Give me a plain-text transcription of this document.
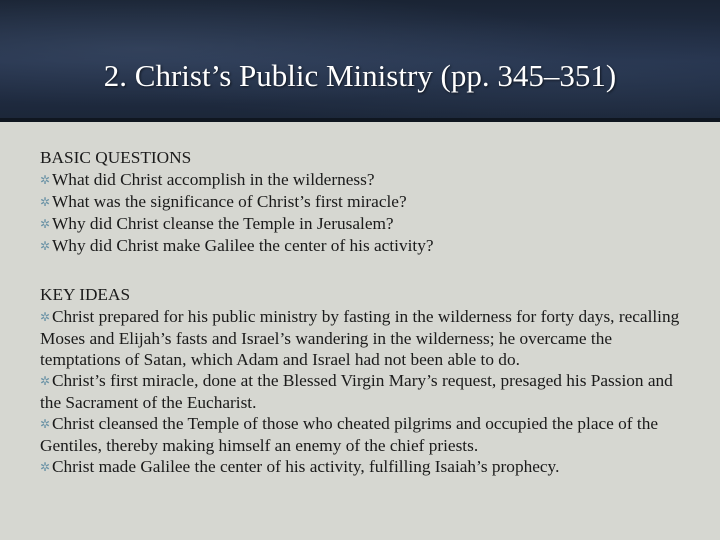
2. Christ’s Public Ministry (pp. 345–351)

BASIC QUESTIONS

✲ What did Christ accomplish in the wilderness?

✲ What was the significance of Christ’s first miracle?

✲ Why did Christ cleanse the Temple in Jerusalem?

✲ Why did Christ make Galilee the center of his activity?

KEY IDEAS

✲ Christ prepared for his public ministry by fasting in the wilderness for forty days, recalling Moses and Elijah’s fasts and Israel’s wandering in the wilderness; he overcame the temptations of Satan, which Adam and Israel had not been able to do.

✲ Christ’s first miracle, done at the Blessed Virgin Mary’s request, presaged his Passion and the Sacrament of the Eucharist.

✲ Christ cleansed the Temple of those who cheated pilgrims and occupied the place of the Gentiles, thereby making himself an enemy of the chief priests.

✲ Christ made Galilee the center of his activity, fulfilling Isaiah’s prophecy.
